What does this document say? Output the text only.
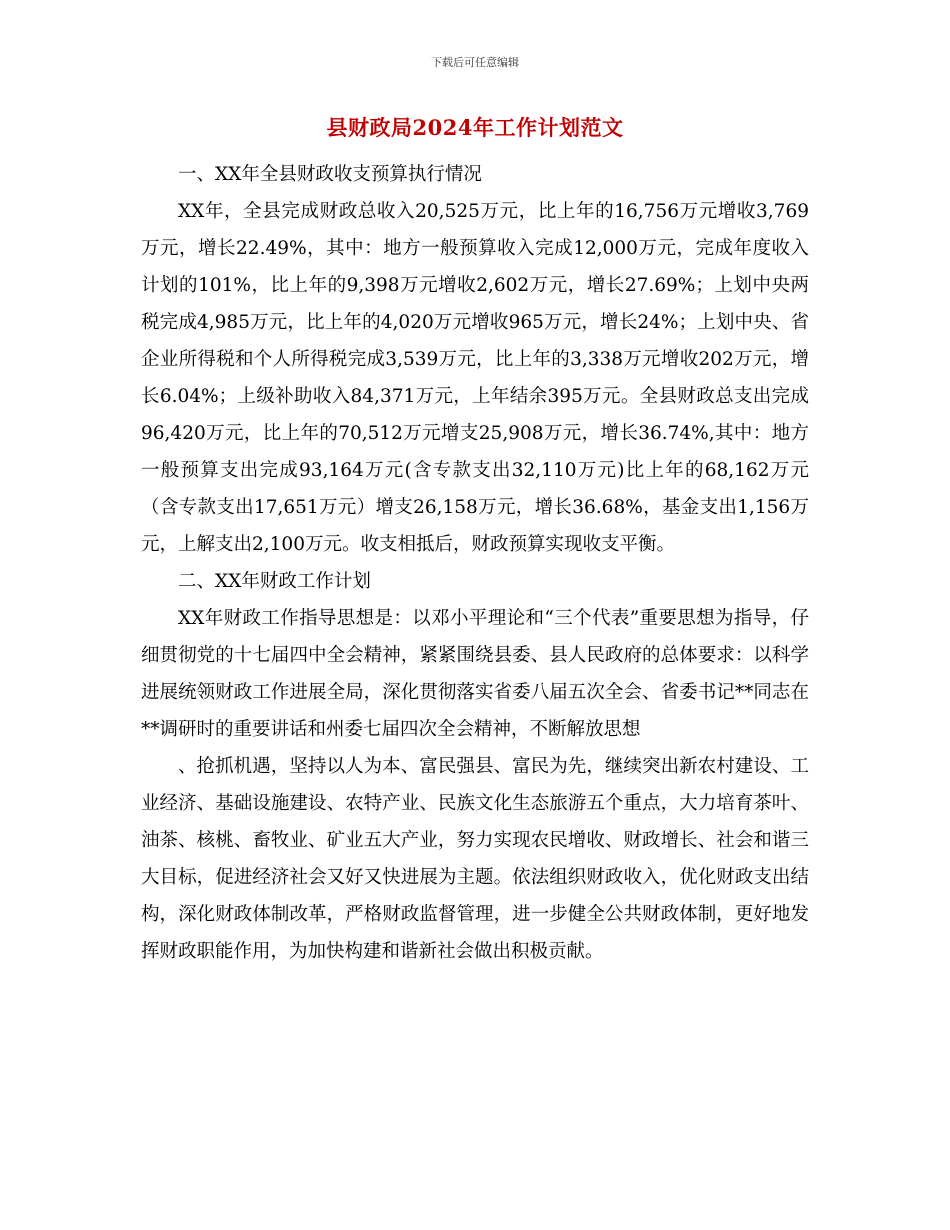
下载后可任意编辑
县财政局2024年工作计划范文

一、XX年全县财政收支预算执行情况

XX年，全县完成财政总收入20,525万元，比上年的16,756万元增收3,769万元，增长22.49%，其中：地方一般预算收入完成12,000万元，完成年度收入计划的101%，比上年的9,398万元增收2,602万元，增长27.69%；上划中央两税完成4,985万元，比上年的4,020万元增收965万元，增长24%；上划中央、省企业所得税和个人所得税完成3,539万元，比上年的3,338万元增收202万元，增长6.04%；上级补助收入84,371万元，上年结余395万元。全县财政总支出完成96,420万元，比上年的70,512万元增支25,908万元，增长36.74%,其中：地方一般预算支出完成93,164万元(含专款支出32,110万元)比上年的68,162万元（含专款支出17,651万元）增支26,158万元，增长36.68%，基金支出1,156万元，上解支出2,100万元。收支相抵后，财政预算实现收支平衡。

二、XX年财政工作计划

XX年财政工作指导思想是：以邓小平理论和“三个代表”重要思想为指导，仔细贯彻党的十七届四中全会精神，紧紧围绕县委、县人民政府的总体要求：以科学进展统领财政工作进展全局，深化贯彻落实省委八届五次全会、省委书记**同志在**调研时的重要讲话和州委七届四次全会精神，不断解放思想

、抢抓机遇，坚持以人为本、富民强县、富民为先，继续突出新农村建设、工业经济、基础设施建设、农特产业、民族文化生态旅游五个重点，大力培育茶叶、油茶、核桃、畜牧业、矿业五大产业，努力实现农民增收、财政增长、社会和谐三大目标，促进经济社会又好又快进展为主题。依法组织财政收入，优化财政支出结构，深化财政体制改革，严格财政监督管理，进一步健全公共财政体制，更好地发挥财政职能作用，为加快构建和谐新社会做出积极贡献。
